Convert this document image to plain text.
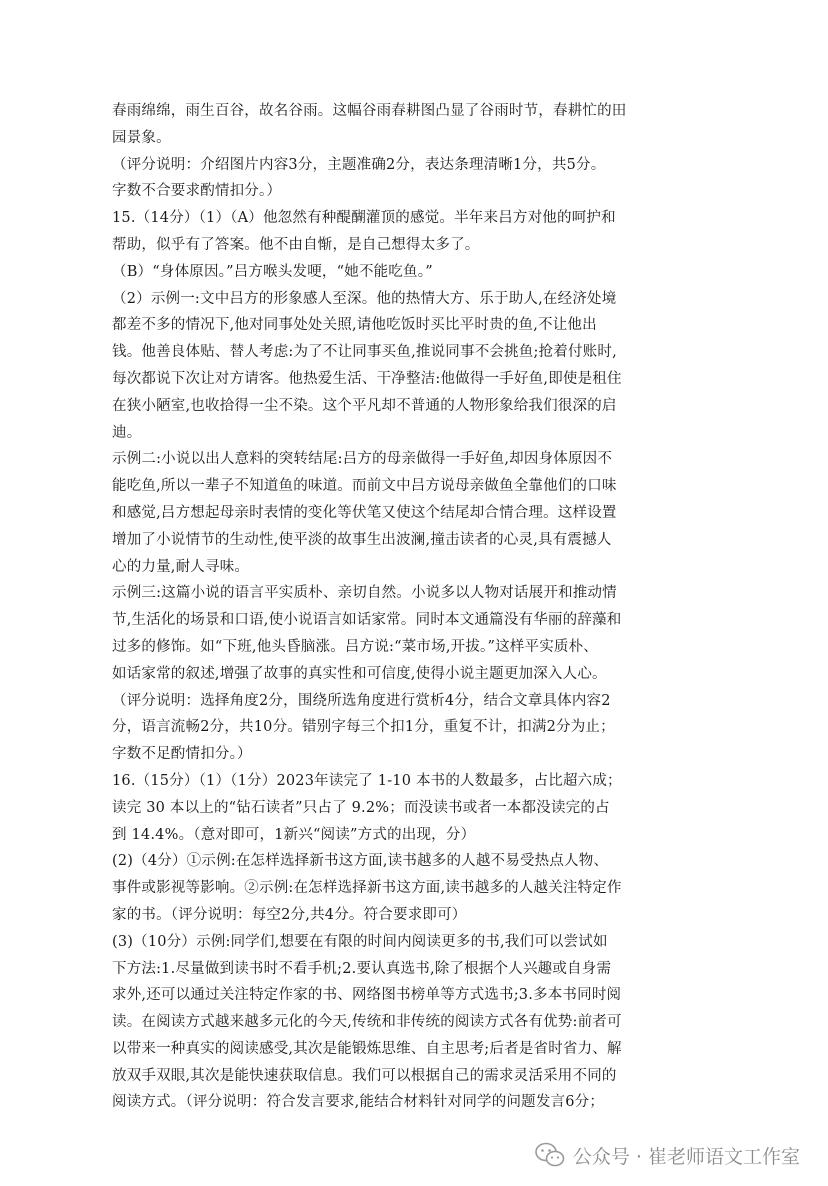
春雨绵绵，雨生百谷，故名谷雨。这幅谷雨春耕图凸显了谷雨时节，春耕忙的田
园景象。
（评分说明：介绍图片内容3分，主题准确2分，表达条理清晰1分，共5分。
字数不合要求酌情扣分。）
15.（14分）（1）（A）他忽然有种醍醐灌顶的感觉。半年来吕方对他的呵护和
帮助，似乎有了答案。他不由自惭，是自己想得太多了。
（B）“身体原因。”吕方喉头发哽，“她不能吃鱼。”
（2）示例一:文中吕方的形象感人至深。他的热情大方、乐于助人,在经济处境
都差不多的情况下,他对同事处处关照,请他吃饭时买比平时贵的鱼,不让他出
钱。他善良体贴、替人考虑:为了不让同事买鱼,推说同事不会挑鱼;抢着付账时,
每次都说下次让对方请客。他热爱生活、干净整洁:他做得一手好鱼,即使是租住
在狭小陋室,也收拾得一尘不染。这个平凡却不普通的人物形象给我们很深的启
迪。
示例二:小说以出人意料的突转结尾:吕方的母亲做得一手好鱼,却因身体原因不
能吃鱼,所以一辈子不知道鱼的味道。而前文中吕方说母亲做鱼全靠他们的口味
和感觉,吕方想起母亲时表情的变化等伏笔又使这个结尾却合情合理。这样设置
增加了小说情节的生动性,使平淡的故事生出波澜,撞击读者的心灵,具有震撼人
心的力量,耐人寻味。
示例三:这篇小说的语言平实质朴、亲切自然。小说多以人物对话展开和推动情
节,生活化的场景和口语,使小说语言如话家常。同时本文通篇没有华丽的辞藻和
过多的修饰。如“下班,他头昏脑涨。吕方说:“菜市场,开拔。”这样平实质朴、
如话家常的叙述,增强了故事的真实性和可信度,使得小说主题更加深入人心。
（评分说明：选择角度2分，围绕所选角度进行赏析4分，结合文章具体内容2
分，语言流畅2分，共10分。错别字每三个扣1分，重复不计，扣满2分为止；
字数不足酌情扣分。）
16.（15分）（1）（1分）2023年读完了 1-10 本书的人数最多，占比超六成；
读完 30 本以上的“钻石读者”只占了 9.2%；而没读书或者一本都没读完的占
到 14.4%。（意对即可，1新兴“阅读”方式的出现，分）
(2)（4分）①示例:在怎样选择新书这方面,读书越多的人越不易受热点人物、
事件或影视等影响。②示例:在怎样选择新书这方面,读书越多的人越关注特定作
家的书。（评分说明：每空2分,共4分。符合要求即可）
(3)（10分）示例:同学们,想要在有限的时间内阅读更多的书,我们可以尝试如
下方法:1.尽量做到读书时不看手机;2.要认真选书,除了根据个人兴趣或自身需
求外,还可以通过关注特定作家的书、网络图书榜单等方式选书;3.多本书同时阅
读。在阅读方式越来越多元化的今天,传统和非传统的阅读方式各有优势:前者可
以带来一种真实的阅读感受,其次是能锻炼思维、自主思考;后者是省时省力、解
放双手双眼,其次是能快速获取信息。我们可以根据自己的需求灵活采用不同的
阅读方式。（评分说明：符合发言要求,能结合材料针对同学的问题发言6分；
公众号 · 崔老师语文工作室
